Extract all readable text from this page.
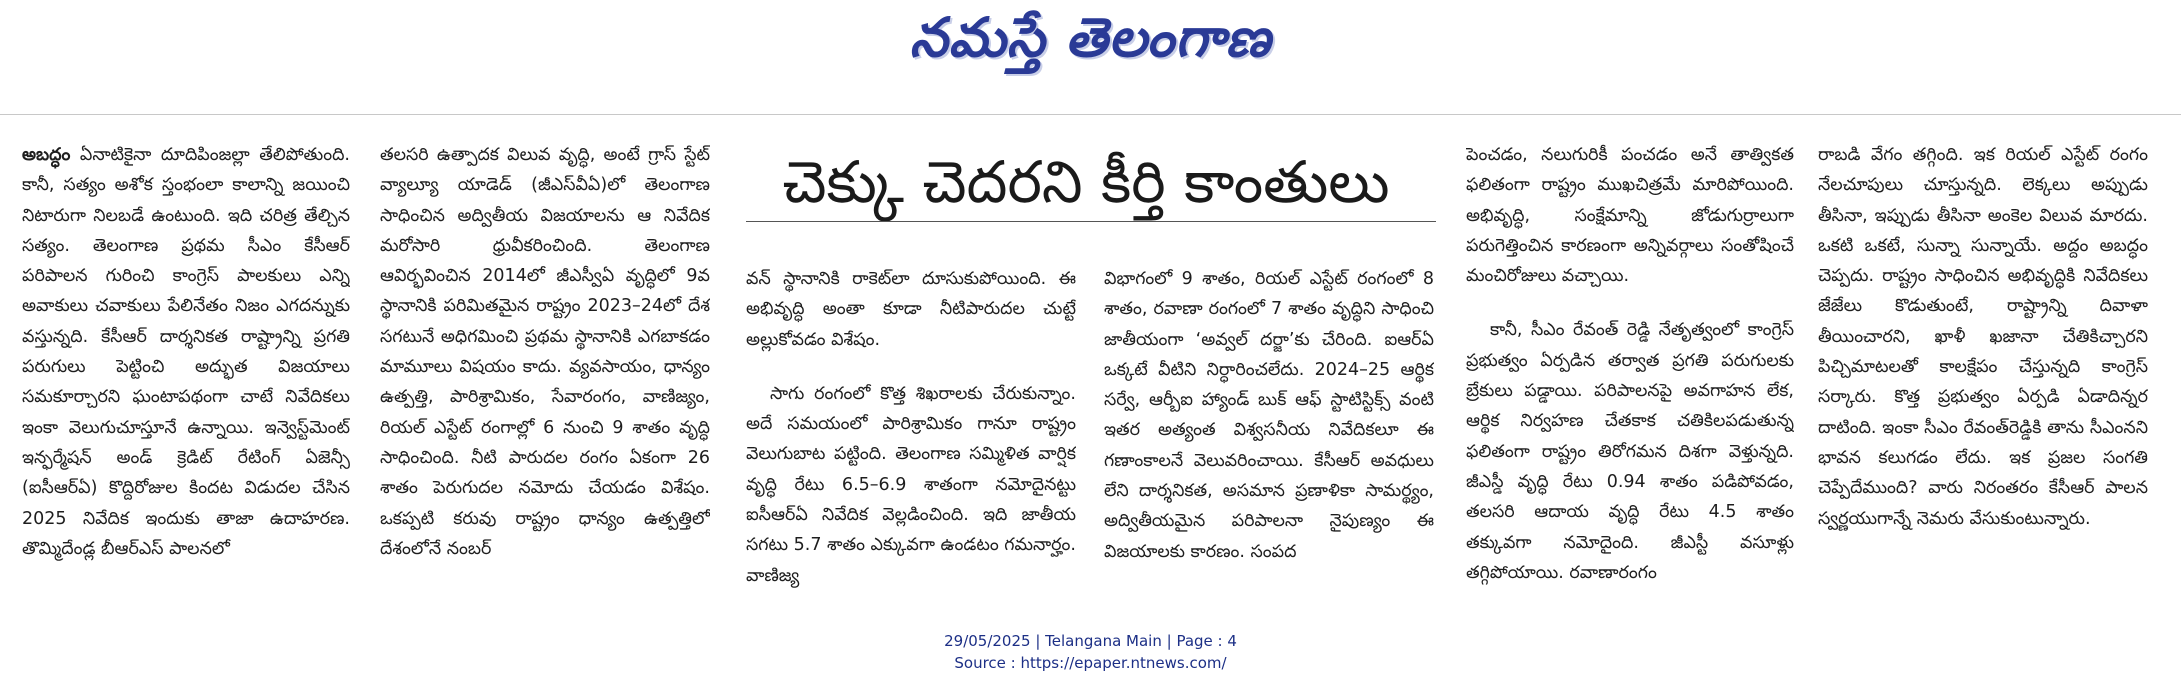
నమస్తే తెలంగాణ

అబద్ధం ఏనాటికైనా దూదిపింజల్లా తేలిపోతుంది. కానీ, సత్యం అశోక స్తంభంలా కాలాన్ని జయించి నిటారుగా నిలబడే ఉంటుంది. ఇది చరిత్ర తేల్చిన సత్యం. తెలంగాణ ప్రథమ సీఎం కేసీఆర్ పరిపాలన గురించి కాంగ్రెస్ పాలకులు ఎన్ని అవాకులు చవాకులు పేలినేతం నిజం ఎగదన్నుకు వస్తున్నది. కేసీఆర్ దార్శనికత రాష్ట్రాన్ని ప్రగతి పరుగులు పెట్టించి అద్భుత విజయాలు సమకూర్చారని ఘంటాపథంగా చాటే నివేదికలు ఇంకా వెలుగుచూస్తూనే ఉన్నాయి. ఇన్వెస్ట్‌మెంట్ ఇన్ఫర్మేషన్ అండ్ క్రెడిట్ రేటింగ్ ఏజెన్సీ (ఐసీఆర్ఏ) కొద్దిరోజుల కిందట విడుదల చేసిన 2025 నివేదిక ఇందుకు తాజా ఉదాహరణ. తొమ్మిదేండ్ల బీఆర్ఎస్ పాలనలో

తలసరి ఉత్పాదక విలువ వృద్ధి, అంటే గ్రాస్ స్టేట్ వ్యాల్యూ యాడెడ్ (జీఎస్‌వీఏ)లో తెలంగాణ సాధించిన అద్వితీయ విజయాలను ఆ నివేదిక మరోసారి ధ్రువీకరించింది. తెలంగాణ ఆవిర్భవించిన 2014లో జీఎస్వీఏ వృద్ధిలో 9వ స్థానానికి పరిమితమైన రాష్ట్రం 2023–24లో దేశ సగటునే అధిగమించి ప్రథమ స్థానానికి ఎగబాకడం మామూలు విషయం కాదు. వ్యవసాయం, ధాన్యం ఉత్పత్తి, పారిశ్రామికం, సేవారంగం, వాణిజ్యం, రియల్ ఎస్టేట్ రంగాల్లో 6 నుంచి 9 శాతం వృద్ధి సాధించింది. నీటి పారుదల రంగం ఏకంగా 26 శాతం పెరుగుదల నమోదు చేయడం విశేషం. ఒకప్పటి కరువు రాష్ట్రం ధాన్యం ఉత్పత్తిలో దేశంలోనే నంబర్

చెక్కు చెదరని కీర్తి కాంతులు

వన్ స్థానానికి రాకెట్‌లా దూసుకుపోయింది. ఈ అభివృద్ధి అంతా కూడా నీటిపారుదల చుట్టే అల్లుకోవడం విశేషం.

సాగు రంగంలో కొత్త శిఖరాలకు చేరుకున్నాం. అదే సమయంలో పారిశ్రామికం గానూ రాష్ట్రం వెలుగుబాట పట్టింది. తెలంగాణ సమ్మిళిత వార్షిక వృద్ధి రేటు 6.5–6.9 శాతంగా నమోదైనట్టు ఐసీఆర్ఏ నివేదిక వెల్లడించింది. ఇది జాతీయ సగటు 5.7 శాతం ఎక్కువగా ఉండటం గమనార్హం. వాణిజ్య

విభాగంలో 9 శాతం, రియల్ ఎస్టేట్ రంగంలో 8 శాతం, రవాణా రంగంలో 7 శాతం వృద్ధిని సాధించి జాతీయంగా ‘అవ్వల్ దర్జా’కు చేరింది. ఐఆర్ఏ ఒక్కటే వీటిని నిర్ధారించలేదు. 2024–25 ఆర్థిక సర్వే, ఆర్బీఐ హ్యాండ్ బుక్ ఆఫ్ స్టాటిస్టిక్స్ వంటి ఇతర అత్యంత విశ్వసనీయ నివేదికలూ ఈ గణాంకాలనే వెలువరించాయి. కేసీఆర్ అవధులు లేని దార్శనికత, అసమాన ప్రణాళికా సామర్థ్యం, అద్వితీయమైన పరిపాలనా నైపుణ్యం ఈ విజయాలకు కారణం. సంపద

పెంచడం, నలుగురికీ పంచడం అనే తాత్వికత ఫలితంగా రాష్ట్రం ముఖచిత్రమే మారిపోయింది. అభివృద్ధి, సంక్షేమాన్ని జోడుగుర్రాలుగా పరుగెత్తించిన కారణంగా అన్నివర్గాలు సంతోషించే మంచిరోజులు వచ్చాయి.

కానీ, సీఎం రేవంత్ రెడ్డి నేతృత్వంలో కాంగ్రెస్ ప్రభుత్వం ఏర్పడిన తర్వాత ప్రగతి పరుగులకు బ్రేకులు పడ్డాయి. పరిపాలనపై అవగాహన లేక, ఆర్థిక నిర్వహణ చేతకాక చతికిలపడుతున్న ఫలితంగా రాష్ట్రం తిరోగమన దిశగా వెళ్తున్నది. జీఎస్డీ వృద్ధి రేటు 0.94 శాతం పడిపోవడం, తలసరి ఆదాయ వృద్ధి రేటు 4.5 శాతం తక్కువగా నమోదైంది. జీఎస్టీ వసూళ్లు తగ్గిపోయాయి. రవాణారంగం

రాబడి వేగం తగ్గింది. ఇక రియల్ ఎస్టేట్ రంగం నేలచూపులు చూస్తున్నది. లెక్కలు అప్పుడు తీసినా, ఇప్పుడు తీసినా అంకెల విలువ మారదు. ఒకటి ఒకటే, సున్నా సున్నాయే. అద్దం అబద్ధం చెప్పదు. రాష్ట్రం సాధించిన అభివృద్ధికి నివేదికలు జేజేలు కొడుతుంటే, రాష్ట్రాన్ని దివాళా తీయించారని, ఖాళీ ఖజానా చేతికిచ్చారని పిచ్చిమాటలతో కాలక్షేపం చేస్తున్నది కాంగ్రెస్ సర్కారు. కొత్త ప్రభుత్వం ఏర్పడి ఏడాదిన్నర దాటింది. ఇంకా సీఎం రేవంత్‌రెడ్డికి తాను సీఎంనని భావన కలుగడం లేదు. ఇక ప్రజల సంగతి చెప్పేదేముంది? వారు నిరంతరం కేసీఆర్ పాలన స్వర్ణయుగాన్నే నెమరు వేసుకుంటున్నారు.

29/05/2025 | Telangana Main | Page : 4
Source : https://epaper.ntnews.com/
